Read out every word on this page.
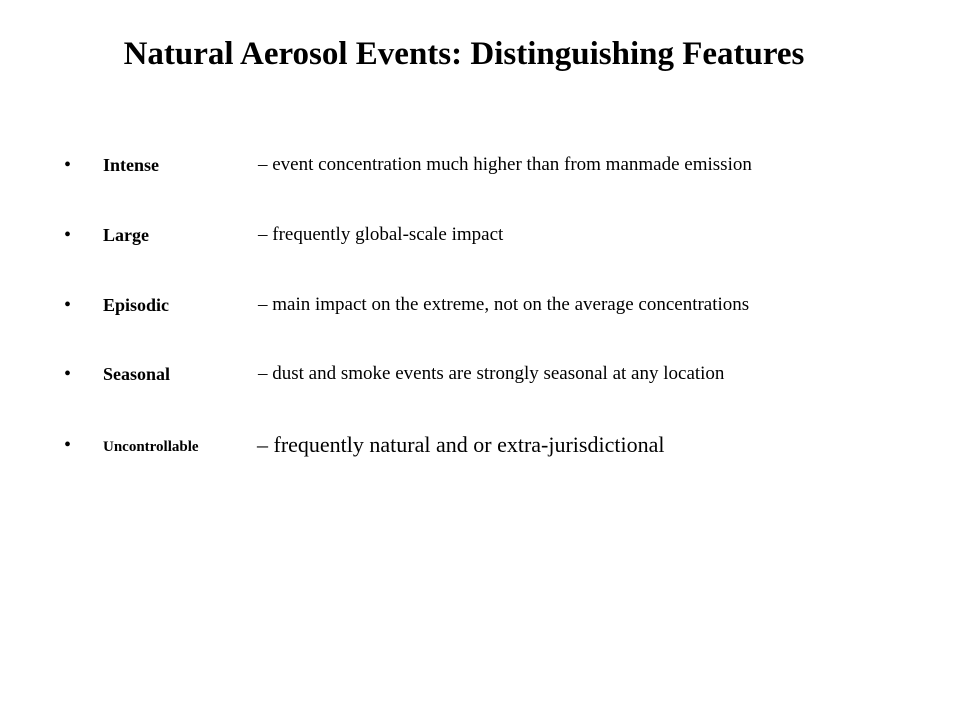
Natural Aerosol Events: Distinguishing Features
• Intense	– event concentration much higher than from manmade emission
• Large	– frequently global-scale impact
• Episodic	– main impact on the extreme, not on the average concentrations
• Seasonal	– dust and smoke events are strongly seasonal at any location
• Uncontrollable	– frequently natural and or extra-jurisdictional
